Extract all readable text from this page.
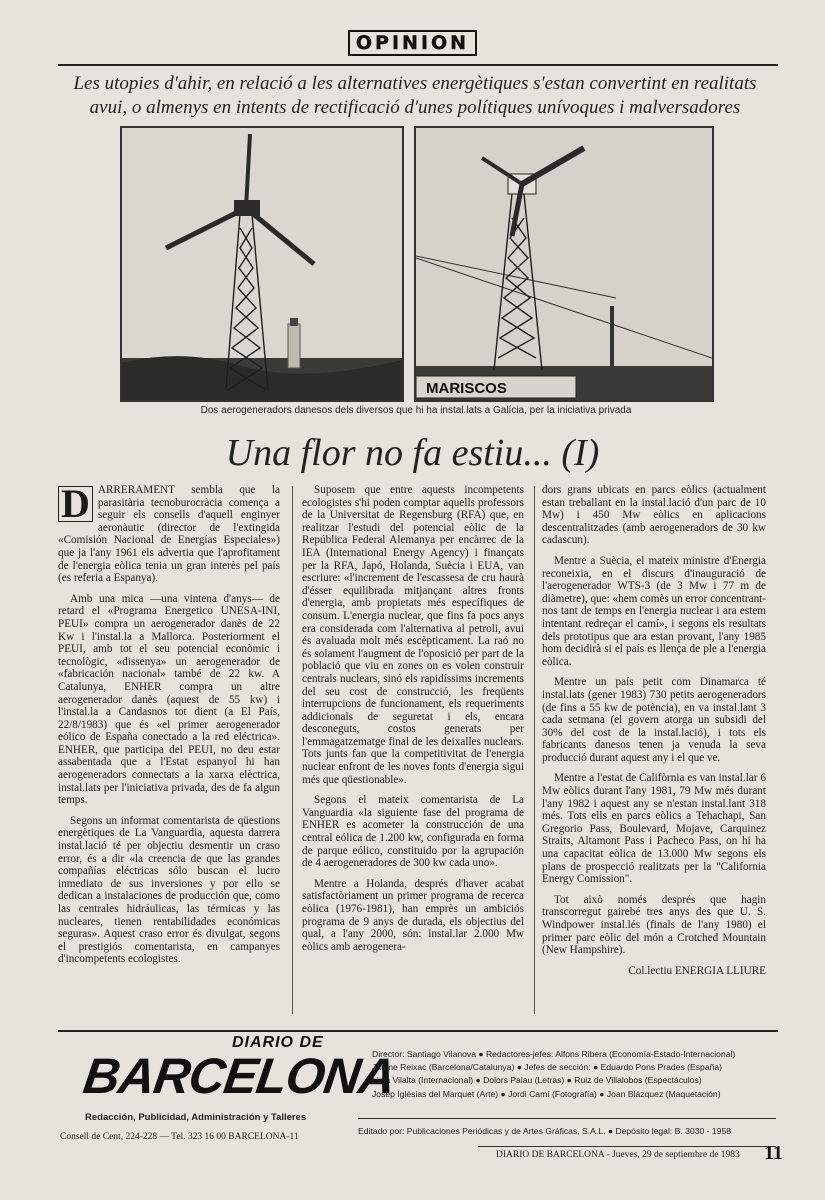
OPINION
Les utopies d'ahir, en relació a les alternatives energètiques s'estan convertint en realitats avui, o almenys en intents de rectificació d'unes polítiques unívoques i malversadores
MARISCOS
Dos aerogeneradors danesos dels diversos que hi ha instal.lats a Galícia, per la iniciativa privada
Una flor no fa estiu... (I)

D ARRERAMENT sembla que la parasitària tecnoburocràcia comença a seguir els consells d'aquell enginyer aeronàutic (director de l'extingida «Comisión Nacional de Energías Especiales») que ja l'any 1961 els advertia que l'aprofitament de l'energia eòlica tenia un gran interès pel país (es referia a Espanya).

Amb una mica —una vintena d'anys— de retard el «Programa Energetico UNESA-INI, PEUI» compra un aerogenerador danès de 22 Kw i l'instal.la a Mallorca. Posteriorment el PEUI, amb tot el seu potencial econòmic i tecnològic, «dissenya» un aerogenerador de «fabricación nacional» també de 22 kw. A Catalunya, ENHER compra un altre aerogenerador danès (aquest de 55 kw) i l'instal.la a Candasnos tot dient (a El País, 22/8/1983) que és «el primer aerogenerador eólico de España conectado a la red eléctrica». ENHER, que participa del PEUI, no deu estar assabentada que a l'Estat espanyol hi han aerogeneradors connectats a la xarxa elèctrica, instal.lats per l'iniciativa privada, des de fa algun temps.

Segons un informat comentarista de qüestions energètiques de La Vanguardia, aquesta darrera instal.lació té per objectiu desmentir un craso error, és a dir «la creencia de que las grandes compañías eléctricas sólo buscan el lucro inmediato de sus inversiones y por ello se dedican a instalaciones de producción que, como las centrales hidráulicas, las térmicas y las nucleares, tienen rentabilidades económicas seguras». Aquest craso error és divulgat, segons el prestigiós comentarista, en campanyes d'incompetents ecologistes.

Suposem que entre aquests incompetents ecologistes s'hi poden comptar aquells professors de la Universitat de Regensburg (RFA) que, en realitzar l'estudi del potencial eòlic de la República Federal Alemanya per encàrrec de la IEA (International Energy Agency) i finançats per la RFA, Japó, Holanda, Suècia i EUA, van escriure: «l'increment de l'escassesa de cru haurà d'ésser equilibrada mitjançant altres fronts d'energia, amb propietats més específiques de consum. L'energia nuclear, que fins fa pocs anys era considerada com l'alternativa al petroli, avui és avaluada molt més escèpticament. La raó no és solament l'augment de l'oposició per part de la població que viu en zones on es volen construir centrals nuclears, sinó els rapidíssims increments del seu cost de construcció, les freqüents interrupcions de funcionament, els requeriments addicionals de seguretat i els, encara desconeguts, costos generats per l'emmagatzematge final de les deixalles nuclears. Tots junts fan que la competitivitat de l'energia nuclear enfront de les noves fonts d'energia sigui més que qüestionable».

Segons el mateix comentarista de La Vanguardia «la siguiente fase del programa de ENHER es acometer la construcción de una central eólica de 1.200 kw, configurada en forma de parque eólico, constituido por la agrupación de 4 aerogeneradores de 300 kw cada uno».

Mentre a Holanda, després d'haver acabat satisfactòriament un primer programa de recerca eòlica (1976-1981), han emprès un ambiciós programa de 9 anys de durada, els objectius del qual, a l'any 2000, són: instal.lar 2.000 Mw eòlics amb aerogenera-

dors grans ubicats en parcs eòlics (actualment estan treballant en la instal.lació d'un parc de 10 Mw) i 450 Mw eòlics en aplicacions descentralitzades (amb aerogeneradors de 30 kw cadascun).

Mentre a Suècia, el mateix ministre d'Energia reconeixia, en el discurs d'inauguració de l'aerogenerador WTS-3 (de 3 Mw i 77 m de diàmetre), que: «hem comès un error concentrant-nos tant de temps en l'energia nuclear i ara estem intentant redreçar el camí», i segons els resultats dels prototipus que ara estan provant, l'any 1985 hom decidirà si el país es llença de ple a l'energia eòlica.

Mentre un país petit com Dinamarca té instal.lats (gener 1983) 730 petits aerogeneradors (de fins a 55 kw de potència), en va instal.lant 3 cada setmana (el govern atorga un subsidi del 30% del cost de la instal.lació), i tots els fabricants danesos tenen ja venuda la seva producció durant aquest any i el que ve.

Mentre a l'estat de Califòrnia es van instal.lar 6 Mw eòlics durant l'any 1981, 79 Mw més durant l'any 1982 i aquest any se n'estan instal.lant 318 més. Tots ells en parcs eòlics a Tehachapi, San Gregorio Pass, Boulevard, Mojave, Carquinez Straits, Altamont Pass i Pacheco Pass, on hi ha una capacitat eòlica de 13.000 Mw segons els plans de prospecció realitzats per la "California Energy Comission".

Tot això només després que hagin transcorregut gairebé tres anys des que U. S. Windpower instal.lés (finals de l'any 1980) el primer parc eòlic del món a Crotched Mountain (New Hampshire).

Col.lectiu ENERGIA LLIURE

DIARIO DE
BARCELONA
Redacción, Publicidad, Administración y Talleres
Consell de Cent, 224-228 — Tel. 323 16 00 BARCELONA-11
Director: Santiago Vilanova ● Redactores-jefes: Alfons Ribera (Economía-Estado-Internacional)
Jaume Reixac (Barcelona/Catalunya) ● Jefes de sección: ● Eduardo Pons Prades (España)
Lidia Vilalta (Internacional) ● Dolors Palau (Letras) ● Ruiz de Villalobos (Espectáculos)
Josep Iglésias del Marquet (Arte) ● Jordi Camí (Fotografía) ● Joan Blázquez (Maquetación)
Editado por: Publicaciones Periódicas y de Artes Gráficas, S.A.L. ● Depósito legal: B. 3030 - 1958
DIARIO DE BARCELONA - Jueves, 29 de septiembre de 1983 11
